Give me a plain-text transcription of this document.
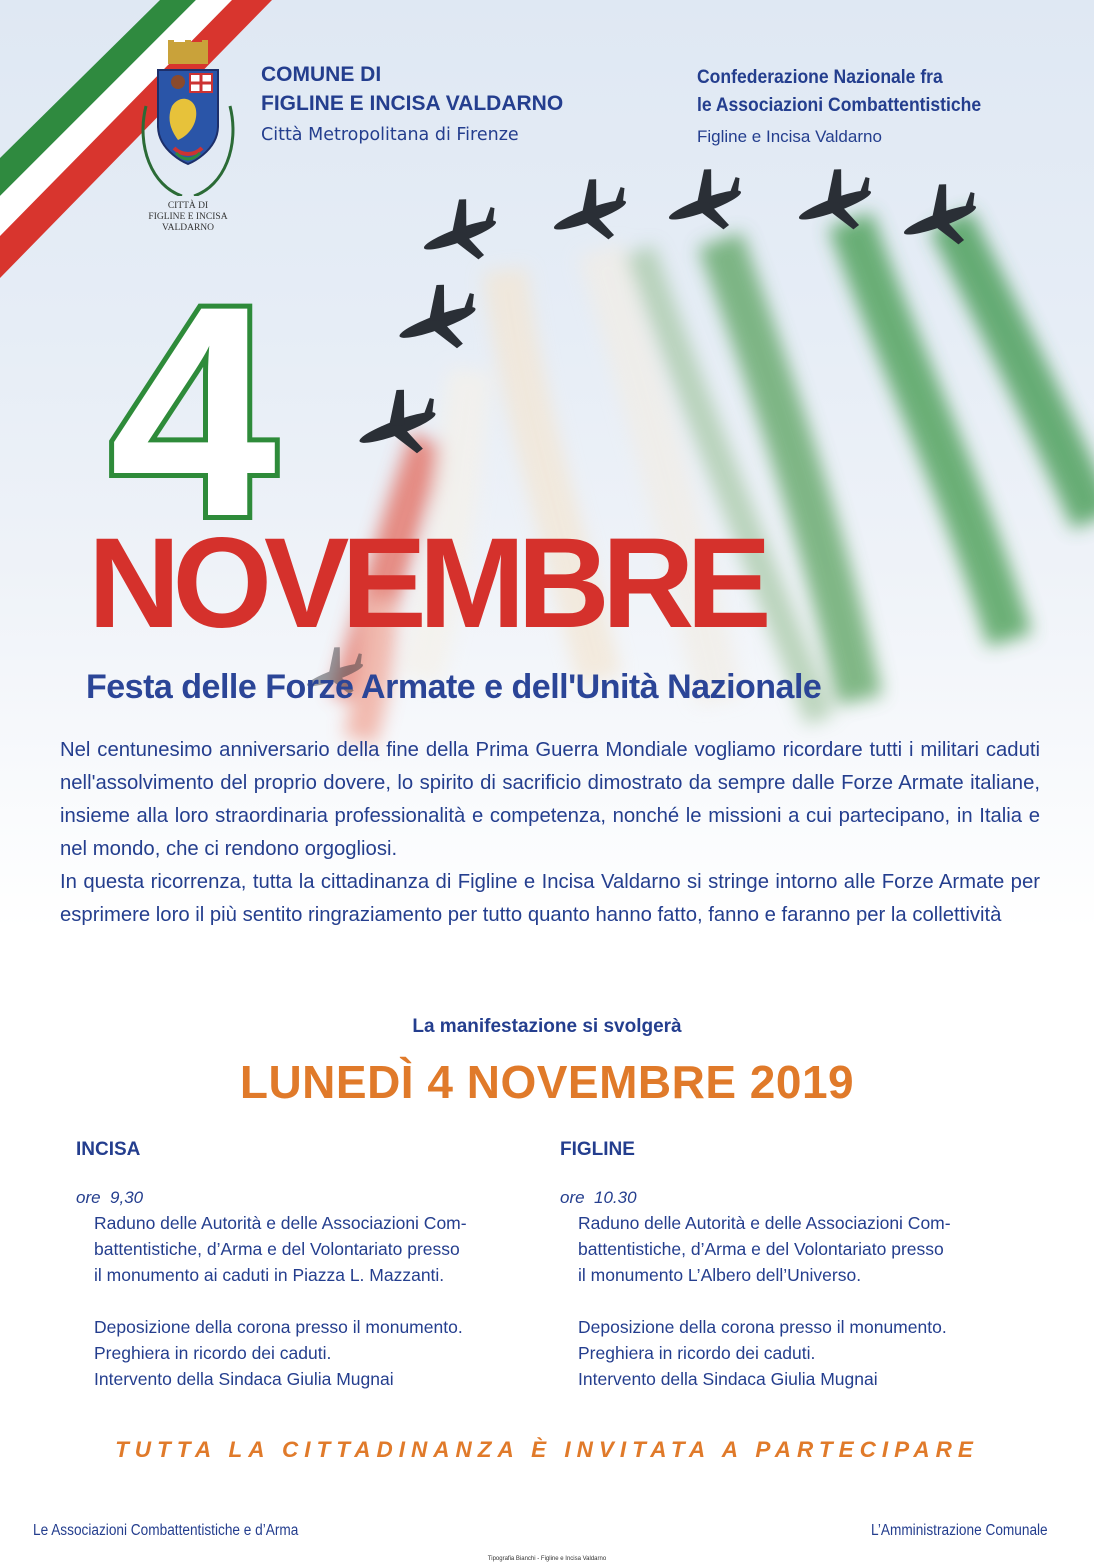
CITTÀ DI
FIGLINE E INCISA
VALDARNO
COMUNE DI
FIGLINE E INCISA VALDARNO
Città Metropolitana di Firenze
Confederazione Nazionale fra
le Associazioni Combattentistiche
Figline e Incisa Valdarno
4
NOVEMBRE
Festa delle Forze Armate e dell'Unità Nazionale

Nel centunesimo anniversario della fine della Prima Guerra Mondiale vogliamo ricordare tutti i militari caduti nell'assolvimento del proprio dovere, lo spirito di sacrificio dimostrato da sempre dalle Forze Armate italiane, insieme alla loro straordinaria professionalità e competenza, nonché le missioni a cui partecipano, in Italia e nel mondo, che ci rendono orgogliosi.

In questa ricorrenza, tutta la cittadinanza di Figline e Incisa Valdarno si stringe intorno alle Forze Armate per esprimere loro il più sentito ringraziamento per tutto quanto hanno fatto, fanno e faranno per la collettività

La manifestazione si svolgerà
LUNEDÌ 4 NOVEMBRE 2019
INCISA
ore  9,30

Raduno delle Autorità e delle Associazioni Com-

battentistiche, d’Arma e del Volontariato presso

il monumento ai caduti in Piazza L. Mazzanti.

Deposizione della corona presso il monumento.

Preghiera in ricordo dei caduti.

Intervento della Sindaca Giulia Mugnai

FIGLINE
ore  10.30

Raduno delle Autorità e delle Associazioni Com-

battentistiche, d’Arma e del Volontariato presso

il monumento L’Albero dell’Universo.

Deposizione della corona presso il monumento.

Preghiera in ricordo dei caduti.

Intervento della Sindaca Giulia Mugnai

TUTTA LA CITTADINANZA È INVITATA A PARTECIPARE
Le Associazioni Combattentistiche e d’Arma	L’Amministrazione Comunale
Tipografia Bianchi - Figline e Incisa Valdarno
